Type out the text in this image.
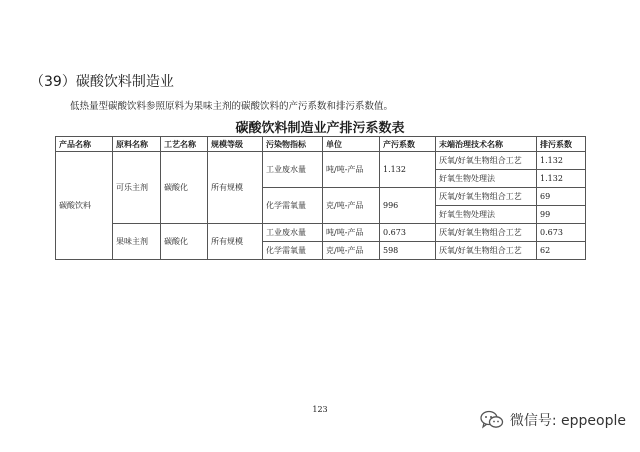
（39）碳酸饮料制造业

低热量型碳酸饮料参照原料为果味主剂的碳酸饮料的产污系数和排污系数值。

碳酸饮料制造业产排污系数表
产品名称	原料名称	工艺名称	规模等级	污染物指标	单位	产污系数	末端治理技术名称	排污系数
碳酸饮料	可乐主剂	碳酸化	所有规模	工业废水量	吨/吨-产品	1.132	厌氧/好氧生物组合工艺	1.132
							好氧生物处理法	1.132
				化学需氧量	克/吨-产品	996	厌氧/好氧生物组合工艺	69
							好氧生物处理法	99
	果味主剂	碳酸化	所有规模	工业废水量	吨/吨-产品	0.673	厌氧/好氧生物组合工艺	0.673
				化学需氧量	克/吨-产品	598	厌氧/好氧生物组合工艺	62

123

微信号: eppeople
